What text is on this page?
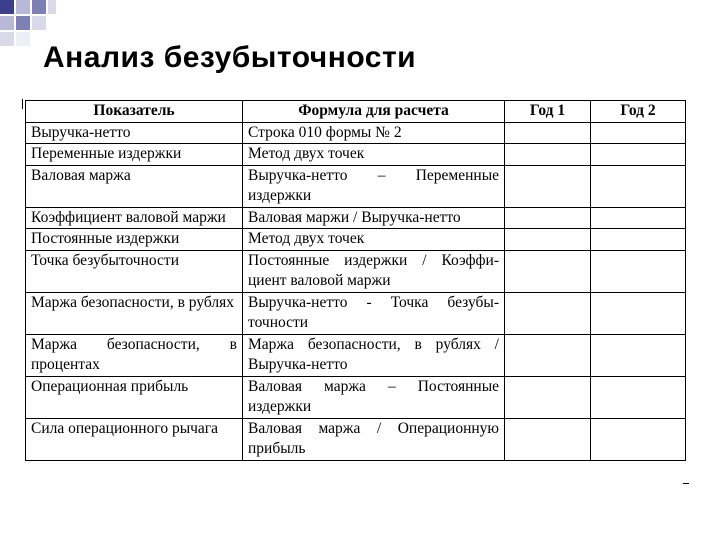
Анализ безубыточности
Показатель	Формула для расчета	Год 1	Год 2
Выручка-нетто	Строка 010 формы № 2		
Переменные издержки	Метод двух точек		
Валовая маржа	Выручка-нетто – Переменные издержки		
Коэффициент валовой маржи	Валовая маржи / Выручка-нетто		
Постоянные издержки	Метод двух точек		
Точка безубыточности	Постоянные издержки / Коэффициент валовой маржи		
Маржа безопасности, в рублях	Выручка-нетто - Точка безубыточности		
Маржа безопасности, в процентах	Маржа безопасности, в рублях / Выручка-нетто		
Операционная прибыль	Валовая маржа – Постоянные издержки		
Сила операционного рычага	Валовая маржа / Операционную прибыль		
